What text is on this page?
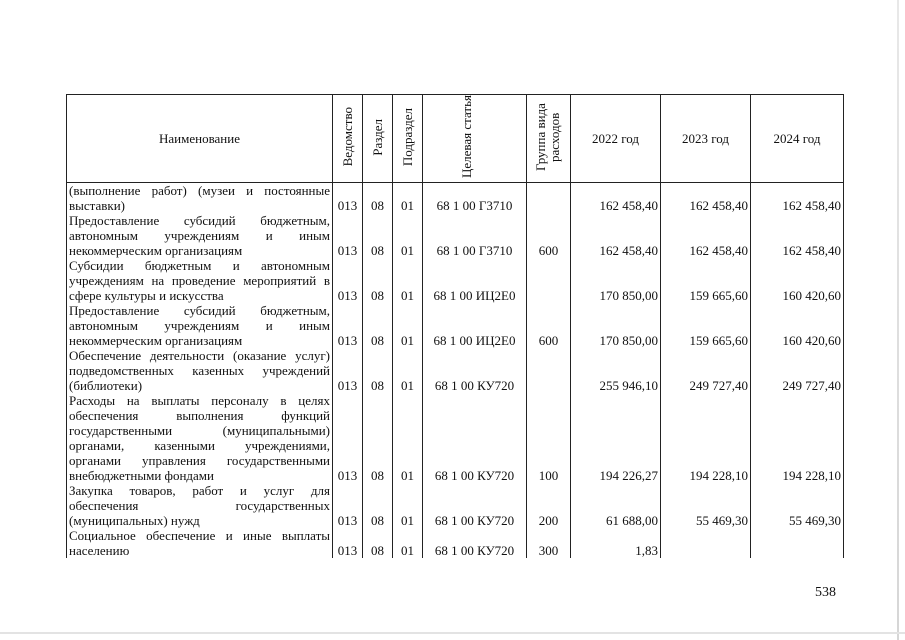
Наименование	Ведомство	Раздел	Подраздел	Целевая статья	Группа вида расходов	2022 год	2023 год	2024 год
(выполнение работ) (музеи и постоянные выставки)	013	08	01	68 1 00 Г3710		162 458,40	162 458,40	162 458,40
Предоставление субсидий бюджетным, автономным учреждениям и иным некоммерческим организациям	013	08	01	68 1 00 Г3710	600	162 458,40	162 458,40	162 458,40
Субсидии бюджетным и автономным учреждениям на проведение мероприятий в сфере культуры и искусства	013	08	01	68 1 00 ИЦ2Е0		170 850,00	159 665,60	160 420,60
Предоставление субсидий бюджетным, автономным учреждениям и иным некоммерческим организациям	013	08	01	68 1 00 ИЦ2Е0	600	170 850,00	159 665,60	160 420,60
Обеспечение деятельности (оказание услуг) подведомственных казенных учреждений (библиотеки)	013	08	01	68 1 00 КУ720		255 946,10	249 727,40	249 727,40
Расходы на выплаты персоналу в целях обеспечения выполнения функций государственными (муниципальными) органами, казенными учреждениями, органами управления государственными внебюджетными фондами	013	08	01	68 1 00 КУ720	100	194 226,27	194 228,10	194 228,10
Закупка товаров, работ и услуг для обеспечения государственных (муниципальных) нужд	013	08	01	68 1 00 КУ720	200	61 688,00	55 469,30	55 469,30
Социальное обеспечение и иные выплаты населению	013	08	01	68 1 00 КУ720	300	1,83		
538
